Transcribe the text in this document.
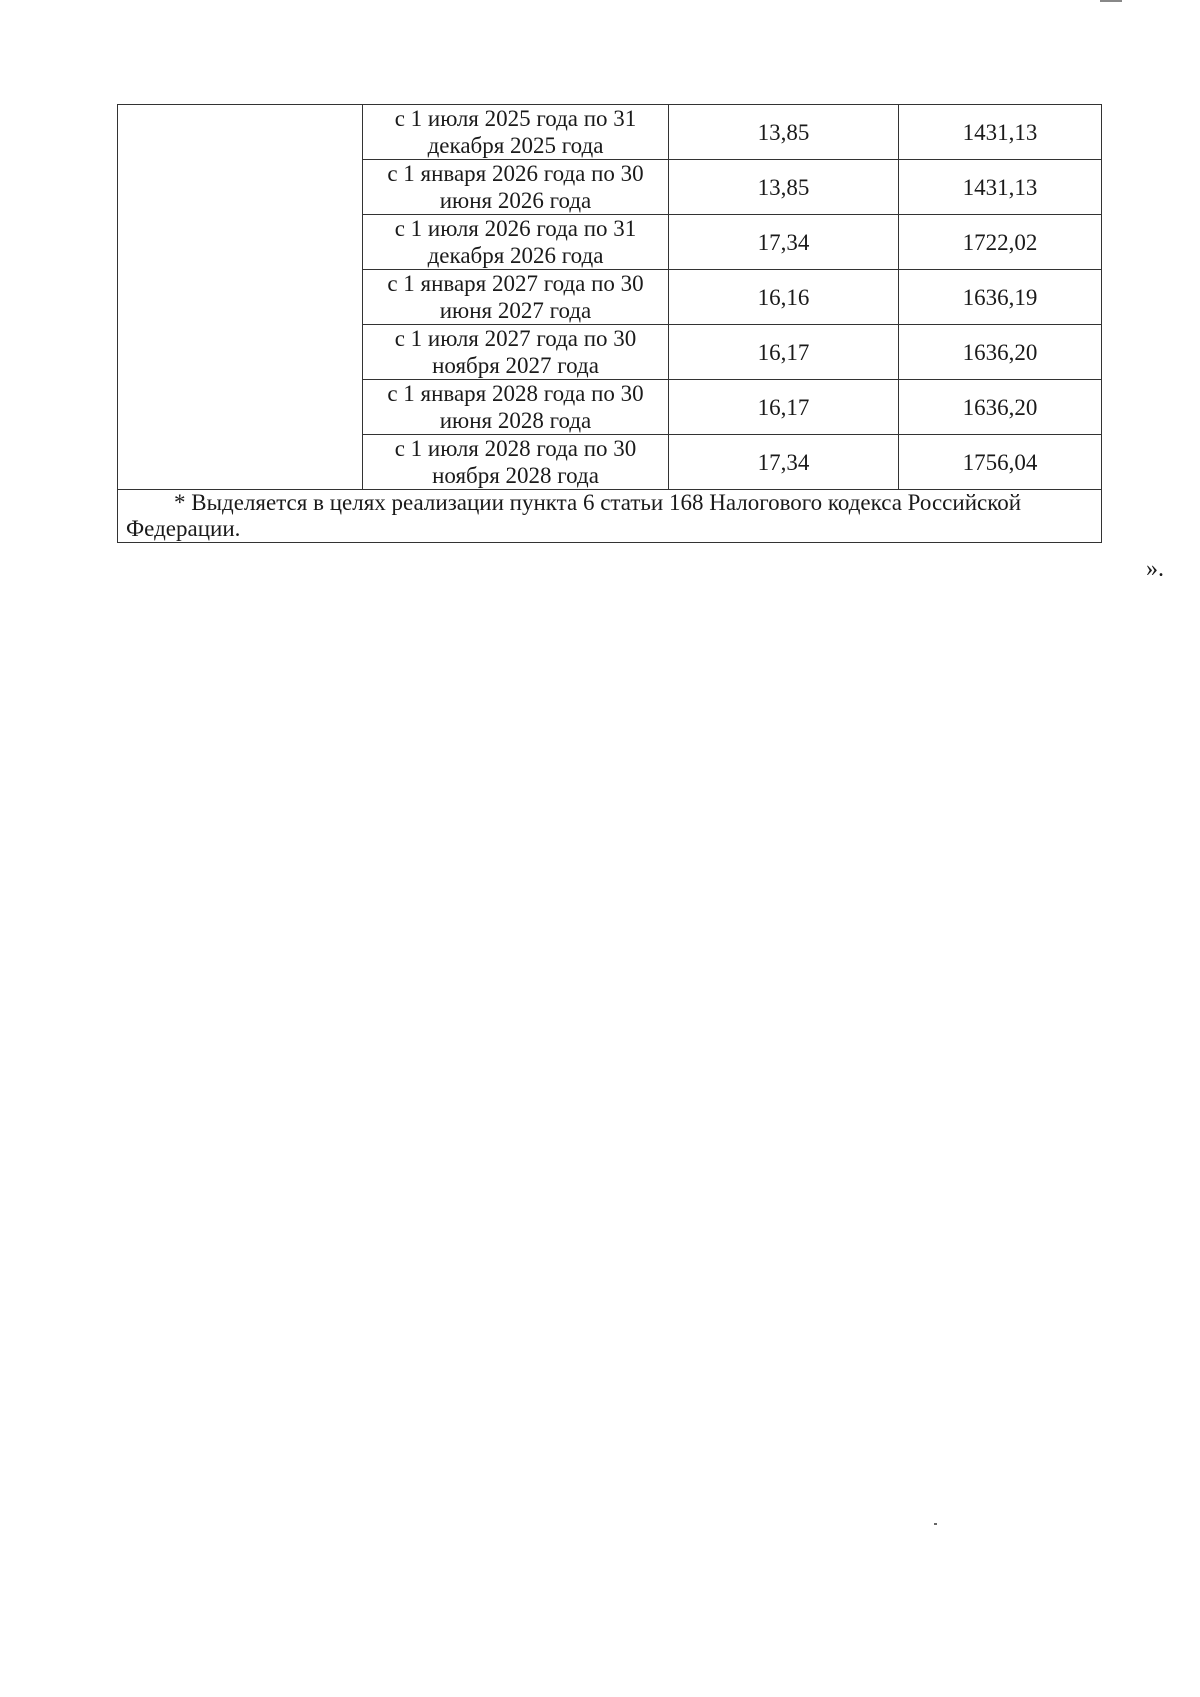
	с 1 июля 2025 года по 31 декабря 2025 года	13,85	1431,13
	с 1 января 2026 года по 30 июня 2026 года	13,85	1431,13
	с 1 июля 2026 года по 31 декабря 2026 года	17,34	1722,02
	с 1 января 2027 года по 30 июня 2027 года	16,16	1636,19
	с 1 июля 2027 года по 30 ноября 2027 года	16,17	1636,20
	с 1 января 2028 года по 30 июня 2028 года	16,17	1636,20
	с 1 июля 2028 года по 30 ноября 2028 года	17,34	1756,04

* Выделяется в целях реализации пункта 6 статьи 168 Налогового кодекса Российской Федерации.			
».
